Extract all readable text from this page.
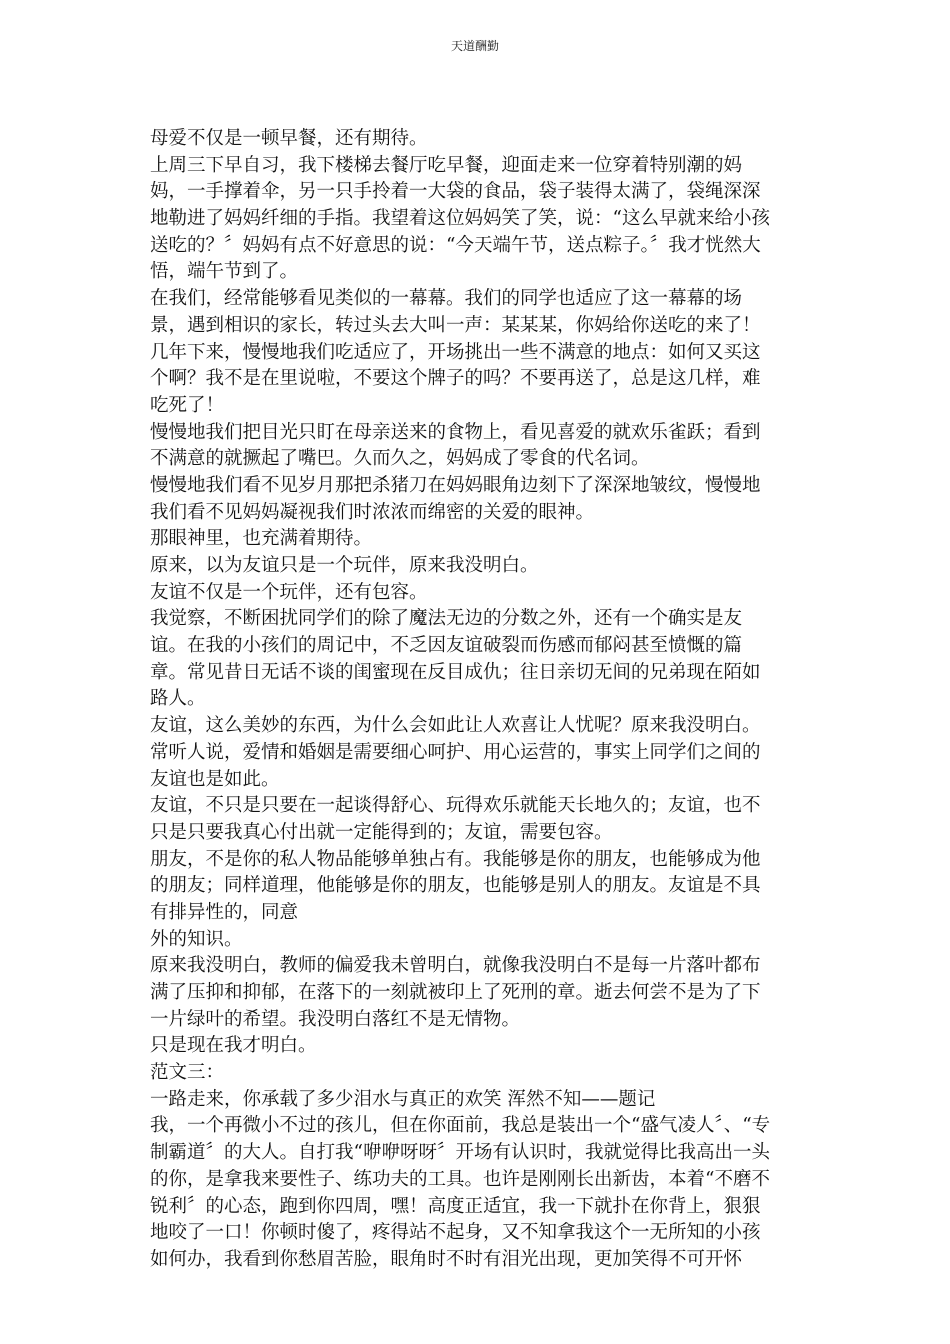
天道酬勤
母爱不仅是一顿早餐，还有期待。
上周三下早自习，我下楼梯去餐厅吃早餐，迎面走来一位穿着特别潮的妈
妈，一手撑着伞，另一只手拎着一大袋的食品，袋子装得太满了，袋绳深深
地勒进了妈妈纤细的手指。我望着这位妈妈笑了笑，说：“这么早就来给小孩
送吃的？〞妈妈有点不好意思的说：“今天端午节，送点粽子。〞我才恍然大
悟，端午节到了。
在我们，经常能够看见类似的一幕幕。我们的同学也适应了这一幕幕的场
景，遇到相识的家长，转过头去大叫一声：某某某，你妈给你送吃的来了！
几年下来，慢慢地我们吃适应了，开场挑出一些不满意的地点：如何又买这
个啊？我不是在里说啦，不要这个牌子的吗？不要再送了，总是这几样，难
吃死了！
慢慢地我们把目光只盯在母亲送来的食物上，看见喜爱的就欢乐雀跃；看到
不满意的就撅起了嘴巴。久而久之，妈妈成了零食的代名词。
慢慢地我们看不见岁月那把杀猪刀在妈妈眼角边刻下了深深地皱纹，慢慢地
我们看不见妈妈凝视我们时浓浓而绵密的关爱的眼神。
那眼神里，也充满着期待。
原来，以为友谊只是一个玩伴，原来我没明白。
友谊不仅是一个玩伴，还有包容。
我觉察，不断困扰同学们的除了魔法无边的分数之外，还有一个确实是友
谊。在我的小孩们的周记中，不乏因友谊破裂而伤感而郁闷甚至愤慨的篇
章。常见昔日无话不谈的闺蜜现在反目成仇；往日亲切无间的兄弟现在陌如
路人。
友谊，这么美妙的东西，为什么会如此让人欢喜让人忧呢？原来我没明白。
常听人说，爱情和婚姻是需要细心呵护、用心运营的，事实上同学们之间的
友谊也是如此。
友谊，不只是只要在一起谈得舒心、玩得欢乐就能天长地久的；友谊，也不
只是只要我真心付出就一定能得到的；友谊，需要包容。
朋友，不是你的私人物品能够单独占有。我能够是你的朋友，也能够成为他
的朋友；同样道理，他能够是你的朋友，也能够是别人的朋友。友谊是不具
有排异性的，同意
外的知识。
原来我没明白，教师的偏爱我未曾明白，就像我没明白不是每一片落叶都布
满了压抑和抑郁，在落下的一刻就被印上了死刑的章。逝去何尝不是为了下
一片绿叶的希望。我没明白落红不是无情物。
只是现在我才明白。
范文三：
一路走来，你承载了多少泪水与真正的欢笑 浑然不知——题记
我，一个再微小不过的孩儿，但在你面前，我总是装出一个“盛气凌人〞、“专
制霸道〞的大人。自打我“咿咿呀呀〞开场有认识时，我就觉得比我高出一头
的你，是拿我来要性子、练功夫的工具。也许是刚刚长出新齿，本着“不磨不
锐利〞的心态，跑到你四周，嘿！高度正适宜，我一下就扑在你背上，狠狠
地咬了一口！你顿时傻了，疼得站不起身，又不知拿我这个一无所知的小孩
如何办，我看到你愁眉苦脸，眼角时不时有泪光出现，更加笑得不可开怀
